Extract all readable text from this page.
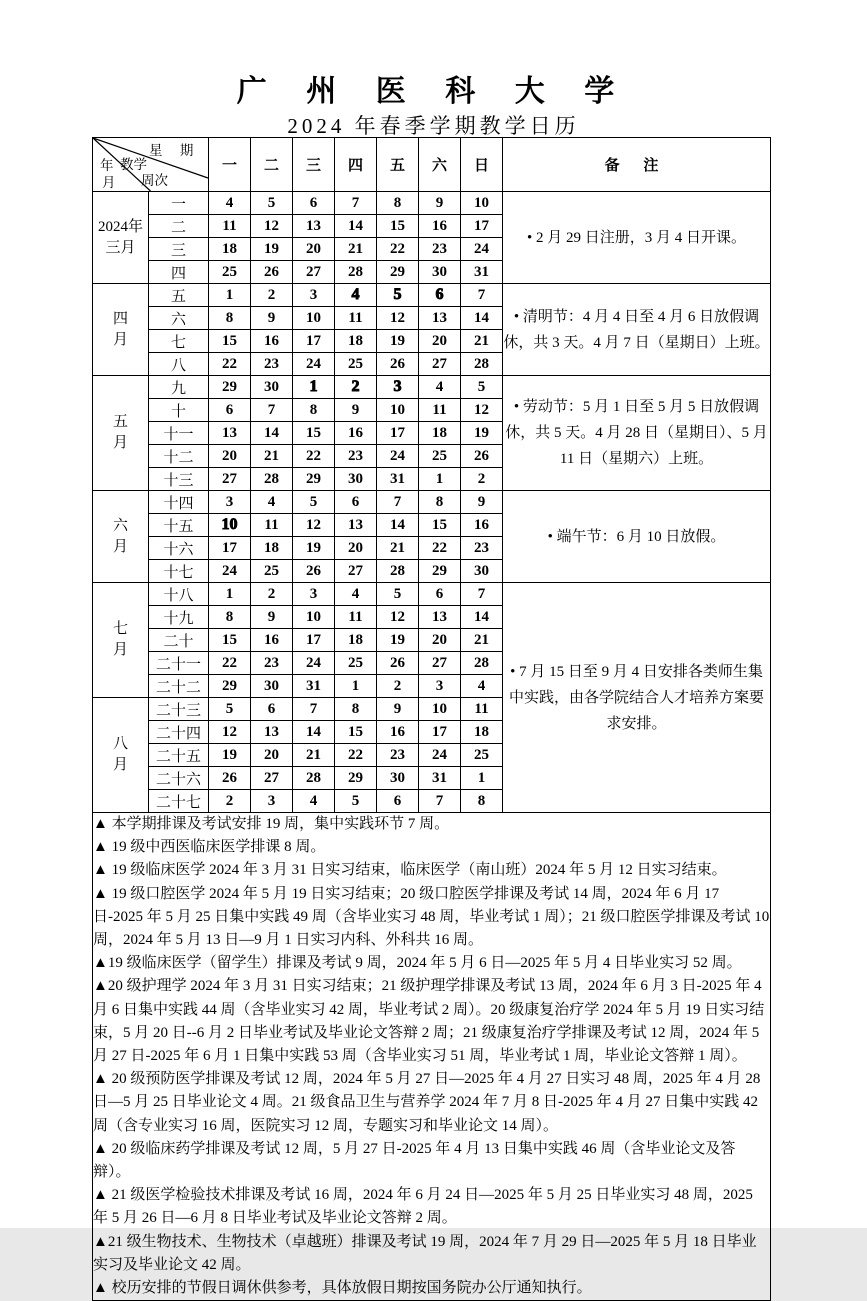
广 州 医 科 大 学
2024 年春季学期教学日历
星 期
教学
周次
年
月		一	二	三	四	五	六	日	备 注

2024年
三月	一	4	5	6	7	8	9	10	• 2 月 29 日注册，3 月 4 日开课。
	二	11	12	13	14	15	16	17	
	三	18	19	20	21	22	23	24	
	四	25	26	27	28	29	30	31	

四
月	五	1	2	3	4	5	6	7	• 清明节：4 月 4 日至 4 月 6 日放假调休，共 3 天。4 月 7 日（星期日）上班。
	六	8	9	10	11	12	13	14	
	七	15	16	17	18	19	20	21	
	八	22	23	24	25	26	27	28	

五
月	九	29	30	1	2	3	4	5	• 劳动节：5 月 1 日至 5 月 5 日放假调休，共 5 天。4 月 28 日（星期日）、5 月 11 日（星期六）上班。
	十	6	7	8	9	10	11	12	
	十一	13	14	15	16	17	18	19	
	十二	20	21	22	23	24	25	26	
	十三	27	28	29	30	31	1	2	

六
月	十四	3	4	5	6	7	8	9	• 端午节：6 月 10 日放假。
	十五	10	11	12	13	14	15	16	
	十六	17	18	19	20	21	22	23	
	十七	24	25	26	27	28	29	30	

七
月	十八	1	2	3	4	5	6	7	• 7 月 15 日至 9 月 4 日安排各类师生集中实践，由各学院结合人才培养方案要求安排。
	十九	8	9	10	11	12	13	14	
	二十	15	16	17	18	19	20	21	
	二十一	22	23	24	25	26	27	28	
	二十二	29	30	31	1	2	3	4	

八
月	二十三	5	6	7	8	9	10	11	
	二十四	12	13	14	15	16	17	18	
	二十五	19	20	21	22	23	24	25	
	二十六	26	27	28	29	30	31	1	
	二十七	2	3	4	5	6	7	8	

▲ 本学期排课及考试安排 19 周，集中实践环节 7 周。
▲ 19 级中西医临床医学排课 8 周。
▲ 19 级临床医学 2024 年 3 月 31 日实习结束，临床医学（南山班）2024 年 5 月 12 日实习结束。
▲ 19 级口腔医学 2024 年 5 月 19 日实习结束；20 级口腔医学排课及考试 14 周，2024 年 6 月 17 日-2025 年 5 月 25 日集中实践 49 周（含毕业实习 48 周，毕业考试 1 周）；21 级口腔医学排课及考试 10 周，2024 年 5 月 13 日—9 月 1 日实习内科、外科共 16 周。
▲19 级临床医学（留学生）排课及考试 9 周，2024 年 5 月 6 日—2025 年 5 月 4 日毕业实习 52 周。
▲20 级护理学 2024 年 3 月 31 日实习结束；21 级护理学排课及考试 13 周，2024 年 6 月 3 日-2025 年 4 月 6 日集中实践 44 周（含毕业实习 42 周，毕业考试 2 周）。20 级康复治疗学 2024 年 5 月 19 日实习结束，5 月 20 日--6 月 2 日毕业考试及毕业论文答辩 2 周；21 级康复治疗学排课及考试 12 周，2024 年 5 月 27 日-2025 年 6 月 1 日集中实践 53 周（含毕业实习 51 周，毕业考试 1 周，毕业论文答辩 1 周）。
▲ 20 级预防医学排课及考试 12 周，2024 年 5 月 27 日—2025 年 4 月 27 日实习 48 周，2025 年 4 月 28 日—5 月 25 日毕业论文 4 周。21 级食品卫生与营养学 2024 年 7 月 8 日-2025 年 4 月 27 日集中实践 42 周（含专业实习 16 周，医院实习 12 周，专题实习和毕业论文 14 周）。
▲ 20 级临床药学排课及考试 12 周，5 月 27 日-2025 年 4 月 13 日集中实践 46 周（含毕业论文及答辩）。
▲ 21 级医学检验技术排课及考试 16 周，2024 年 6 月 24 日—2025 年 5 月 25 日毕业实习 48 周，2025 年 5 月 26 日—6 月 8 日毕业考试及毕业论文答辩 2 周。
▲21 级生物技术、生物技术（卓越班）排课及考试 19 周，2024 年 7 月 29 日—2025 年 5 月 18 日毕业实习及毕业论文 42 周。
▲ 校历安排的节假日调休供参考，具体放假日期按国务院办公厅通知执行。
